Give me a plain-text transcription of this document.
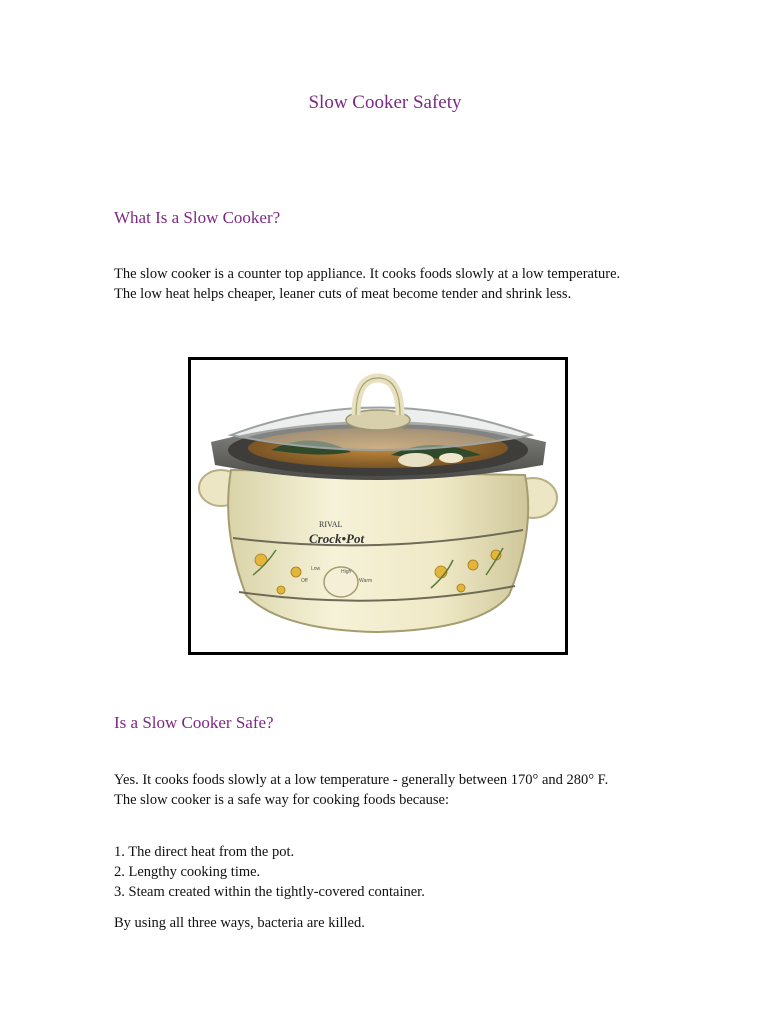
Slow Cooker Safety
What Is a Slow Cooker?
The slow cooker is a counter top appliance. It cooks foods slowly at a low temperature.
The low heat helps cheaper, leaner cuts of meat become tender and shrink less.
RIVAL
Crock•Pot
Low	High
Off	Warm
Is a Slow Cooker Safe?
Yes. It cooks foods slowly at a low temperature - generally between 170° and 280° F.
The slow cooker is a safe way for cooking foods because:
1. The direct heat from the pot.
2. Lengthy cooking time.
3. Steam created within the tightly-covered container.
By using all three ways, bacteria are killed.
